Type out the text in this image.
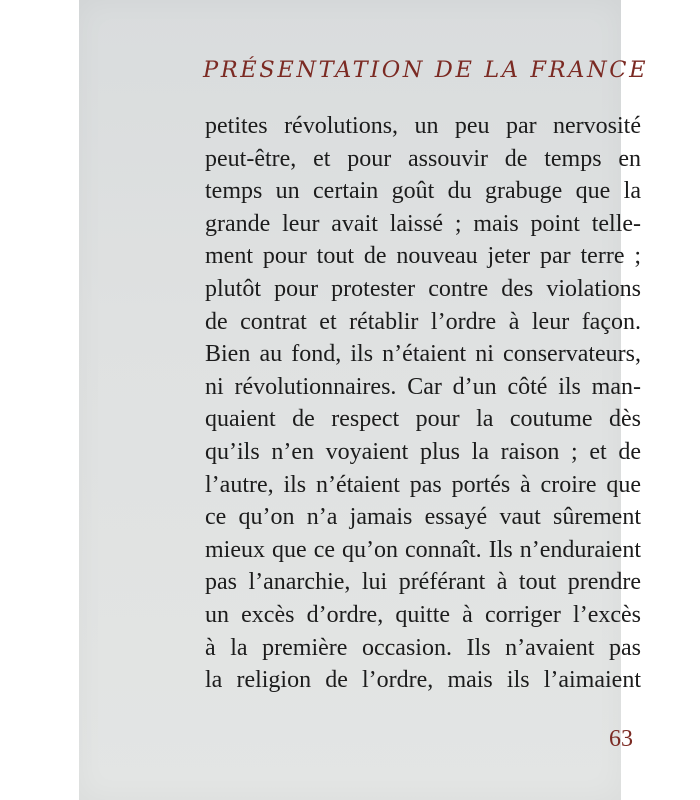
PRÉSENTATION DE LA FRANCE
petites révolutions, un peu par nervosité
peut-être, et pour assouvir de temps en
temps un certain goût du grabuge que la
grande leur avait laissé ; mais point telle-
ment pour tout de nouveau jeter par terre ;
plutôt pour protester contre des violations
de contrat et rétablir l’ordre à leur façon.
Bien au fond, ils n’étaient ni conservateurs,
ni révolutionnaires. Car d’un côté ils man-
quaient de respect pour la coutume dès
qu’ils n’en voyaient plus la raison ; et de
l’autre, ils n’étaient pas portés à croire que
ce qu’on n’a jamais essayé vaut sûrement
mieux que ce qu’on connaît. Ils n’enduraient
pas l’anarchie, lui préférant à tout prendre
un excès d’ordre, quitte à corriger l’excès
à la première occasion. Ils n’avaient pas
la religion de l’ordre, mais ils l’aimaient
63
